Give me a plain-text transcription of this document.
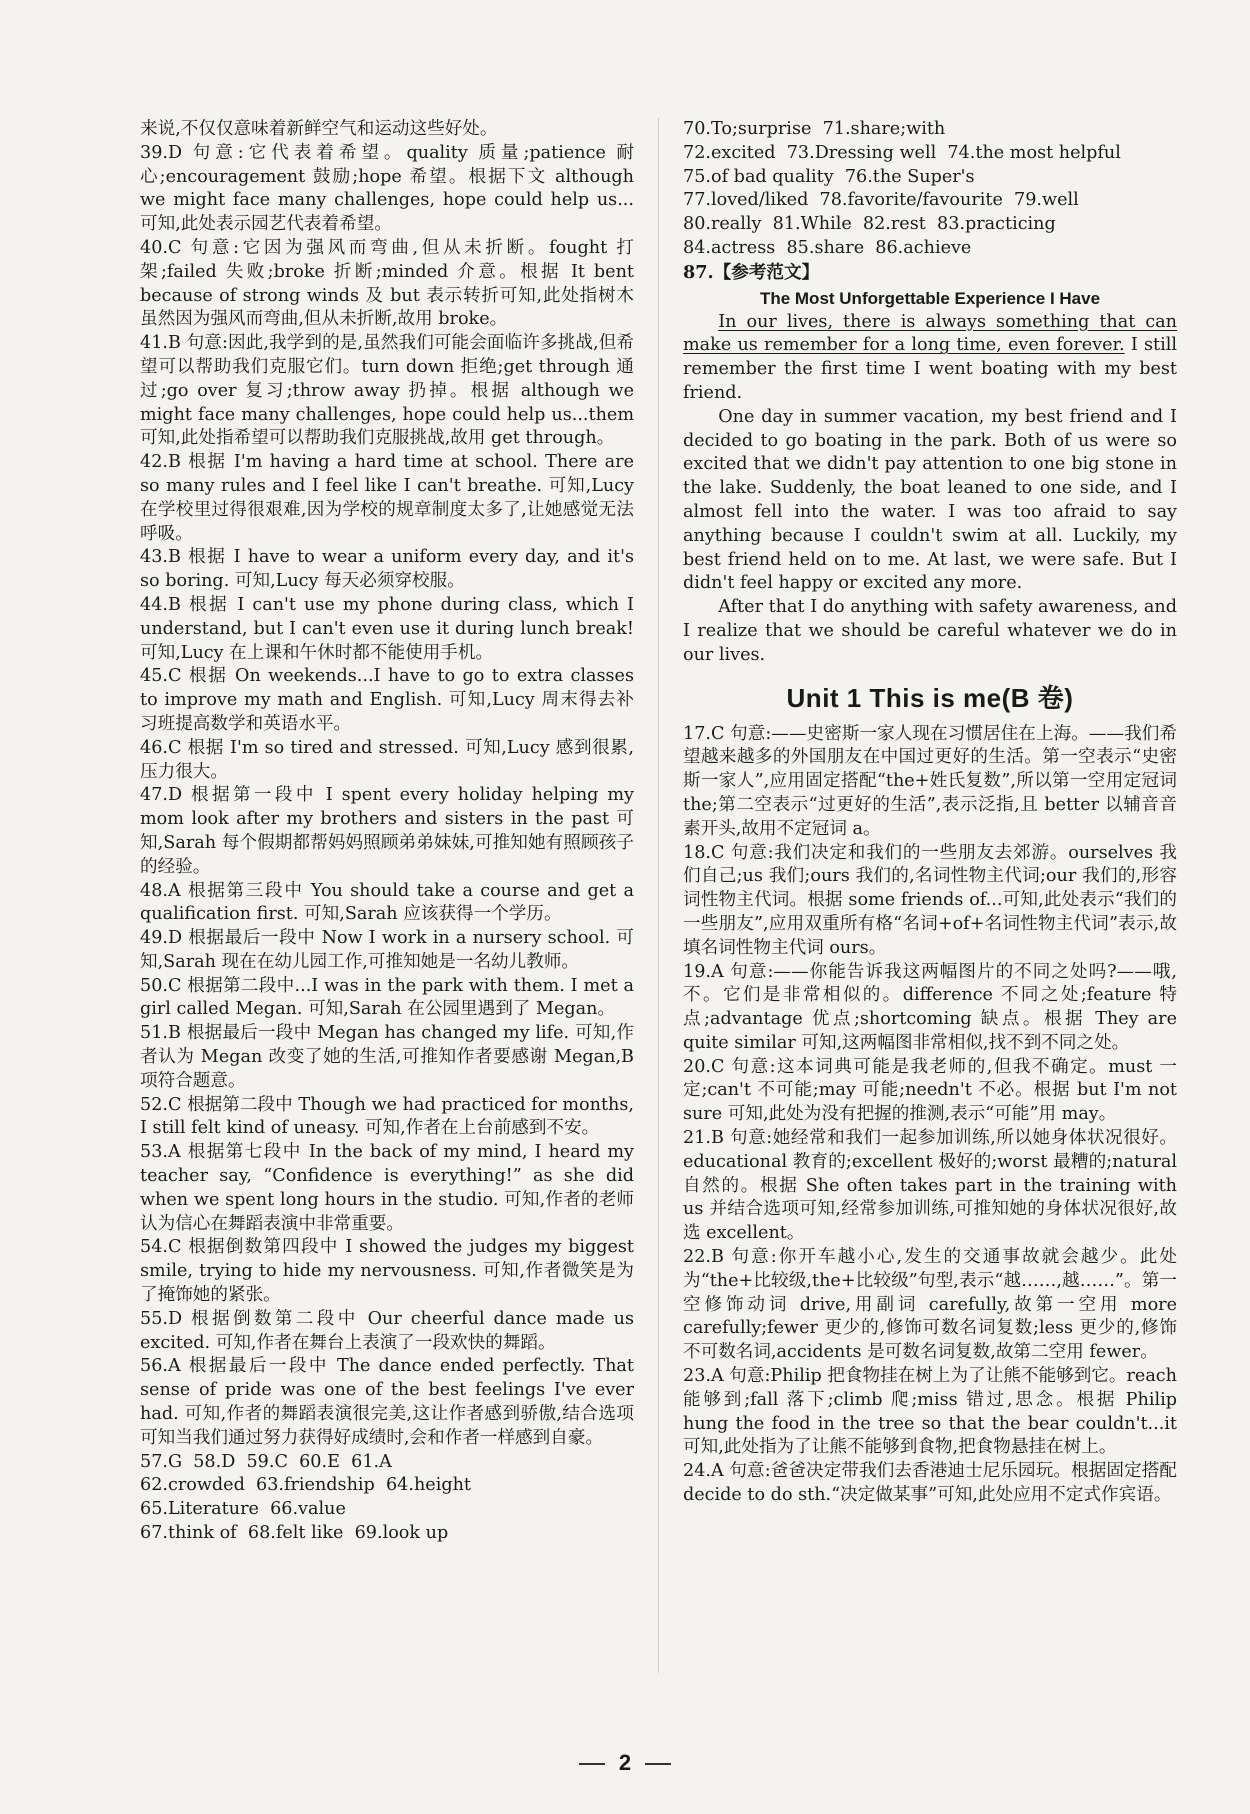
来说,不仅仅意味着新鲜空气和运动这些好处。
39.D 句意:它代表着希望。quality 质量;patience 耐心;encouragement 鼓励;hope 希望。根据下文 although we might face many challenges, hope could help us... 可知,此处表示园艺代表着希望。
40.C 句意:它因为强风而弯曲,但从未折断。fought 打架;failed 失败;broke 折断;minded 介意。根据 It bent because of strong winds 及 but 表示转折可知,此处指树木虽然因为强风而弯曲,但从未折断,故用 broke。
41.B 句意:因此,我学到的是,虽然我们可能会面临许多挑战,但希望可以帮助我们克服它们。turn down 拒绝;get through 通过;go over 复习;throw away 扔掉。根据 although we might face many challenges, hope could help us...them 可知,此处指希望可以帮助我们克服挑战,故用 get through。
42.B 根据 I'm having a hard time at school. There are so many rules and I feel like I can't breathe. 可知,Lucy 在学校里过得很艰难,因为学校的规章制度太多了,让她感觉无法呼吸。
43.B 根据 I have to wear a uniform every day, and it's so boring. 可知,Lucy 每天必须穿校服。
44.B 根据 I can't use my phone during class, which I understand, but I can't even use it during lunch break! 可知,Lucy 在上课和午休时都不能使用手机。
45.C 根据 On weekends...I have to go to extra classes to improve my math and English. 可知,Lucy 周末得去补习班提高数学和英语水平。
46.C 根据 I'm so tired and stressed. 可知,Lucy 感到很累,压力很大。
47.D 根据第一段中 I spent every holiday helping my mom look after my brothers and sisters in the past 可知,Sarah 每个假期都帮妈妈照顾弟弟妹妹,可推知她有照顾孩子的经验。
48.A 根据第三段中 You should take a course and get a qualification first. 可知,Sarah 应该获得一个学历。
49.D 根据最后一段中 Now I work in a nursery school. 可知,Sarah 现在在幼儿园工作,可推知她是一名幼儿教师。
50.C 根据第二段中...I was in the park with them. I met a girl called Megan. 可知,Sarah 在公园里遇到了 Megan。
51.B 根据最后一段中 Megan has changed my life. 可知,作者认为 Megan 改变了她的生活,可推知作者要感谢 Megan,B 项符合题意。
52.C 根据第二段中 Though we had practiced for months, I still felt kind of uneasy. 可知,作者在上台前感到不安。
53.A 根据第七段中 In the back of my mind, I heard my teacher say, “Confidence is everything!” as she did when we spent long hours in the studio. 可知,作者的老师认为信心在舞蹈表演中非常重要。
54.C 根据倒数第四段中 I showed the judges my biggest smile, trying to hide my nervousness. 可知,作者微笑是为了掩饰她的紧张。
55.D 根据倒数第二段中 Our cheerful dance made us excited. 可知,作者在舞台上表演了一段欢快的舞蹈。
56.A 根据最后一段中 The dance ended perfectly. That sense of pride was one of the best feelings I've ever had. 可知,作者的舞蹈表演很完美,这让作者感到骄傲,结合选项可知当我们通过努力获得好成绩时,会和作者一样感到自豪。
57.G  58.D  59.C  60.E  61.A
62.crowded  63.friendship  64.height
65.Literature  66.value
67.think of  68.felt like  69.look up
70.To;surprise  71.share;with
72.excited  73.Dressing well  74.the most helpful
75.of bad quality  76.the Super's
77.loved/liked  78.favorite/favourite  79.well
80.really  81.While  82.rest  83.practicing
84.actress  85.share  86.achieve
87.【参考范文】
The Most Unforgettable Experience I Have
In our lives, there is always something that can make us remember for a long time, even forever. I still remember the first time I went boating with my best friend.
One day in summer vacation, my best friend and I decided to go boating in the park. Both of us were so excited that we didn't pay attention to one big stone in the lake. Suddenly, the boat leaned to one side, and I almost fell into the water. I was too afraid to say anything because I couldn't swim at all. Luckily, my best friend held on to me. At last, we were safe. But I didn't feel happy or excited any more.
After that I do anything with safety awareness, and I realize that we should be careful whatever we do in our lives.
Unit 1 This is me(B 卷)
17.C 句意:——史密斯一家人现在习惯居住在上海。——我们希望越来越多的外国朋友在中国过更好的生活。第一空表示“史密斯一家人”,应用固定搭配“the+姓氏复数”,所以第一空用定冠词 the;第二空表示“过更好的生活”,表示泛指,且 better 以辅音音素开头,故用不定冠词 a。
18.C 句意:我们决定和我们的一些朋友去郊游。ourselves 我们自己;us 我们;ours 我们的,名词性物主代词;our 我们的,形容词性物主代词。根据 some friends of...可知,此处表示“我们的一些朋友”,应用双重所有格“名词+of+名词性物主代词”表示,故填名词性物主代词 ours。
19.A 句意:——你能告诉我这两幅图片的不同之处吗?——哦,不。它们是非常相似的。difference 不同之处;feature 特点;advantage 优点;shortcoming 缺点。根据 They are quite similar 可知,这两幅图非常相似,找不到不同之处。
20.C 句意:这本词典可能是我老师的,但我不确定。must 一定;can't 不可能;may 可能;needn't 不必。根据 but I'm not sure 可知,此处为没有把握的推测,表示“可能”用 may。
21.B 句意:她经常和我们一起参加训练,所以她身体状况很好。educational 教育的;excellent 极好的;worst 最糟的;natural 自然的。根据 She often takes part in the training with us 并结合选项可知,经常参加训练,可推知她的身体状况很好,故选 excellent。
22.B 句意:你开车越小心,发生的交通事故就会越少。此处为“the+比较级,the+比较级”句型,表示“越……,越……”。第一空修饰动词 drive,用副词 carefully,故第一空用 more carefully;fewer 更少的,修饰可数名词复数;less 更少的,修饰不可数名词,accidents 是可数名词复数,故第二空用 fewer。
23.A 句意:Philip 把食物挂在树上为了让熊不能够到它。reach 能够到;fall 落下;climb 爬;miss 错过,思念。根据 Philip hung the food in the tree so that the bear couldn't...it 可知,此处指为了让熊不能够到食物,把食物悬挂在树上。
24.A 句意:爸爸决定带我们去香港迪士尼乐园玩。根据固定搭配 decide to do sth.“决定做某事”可知,此处应用不定式作宾语。
2
